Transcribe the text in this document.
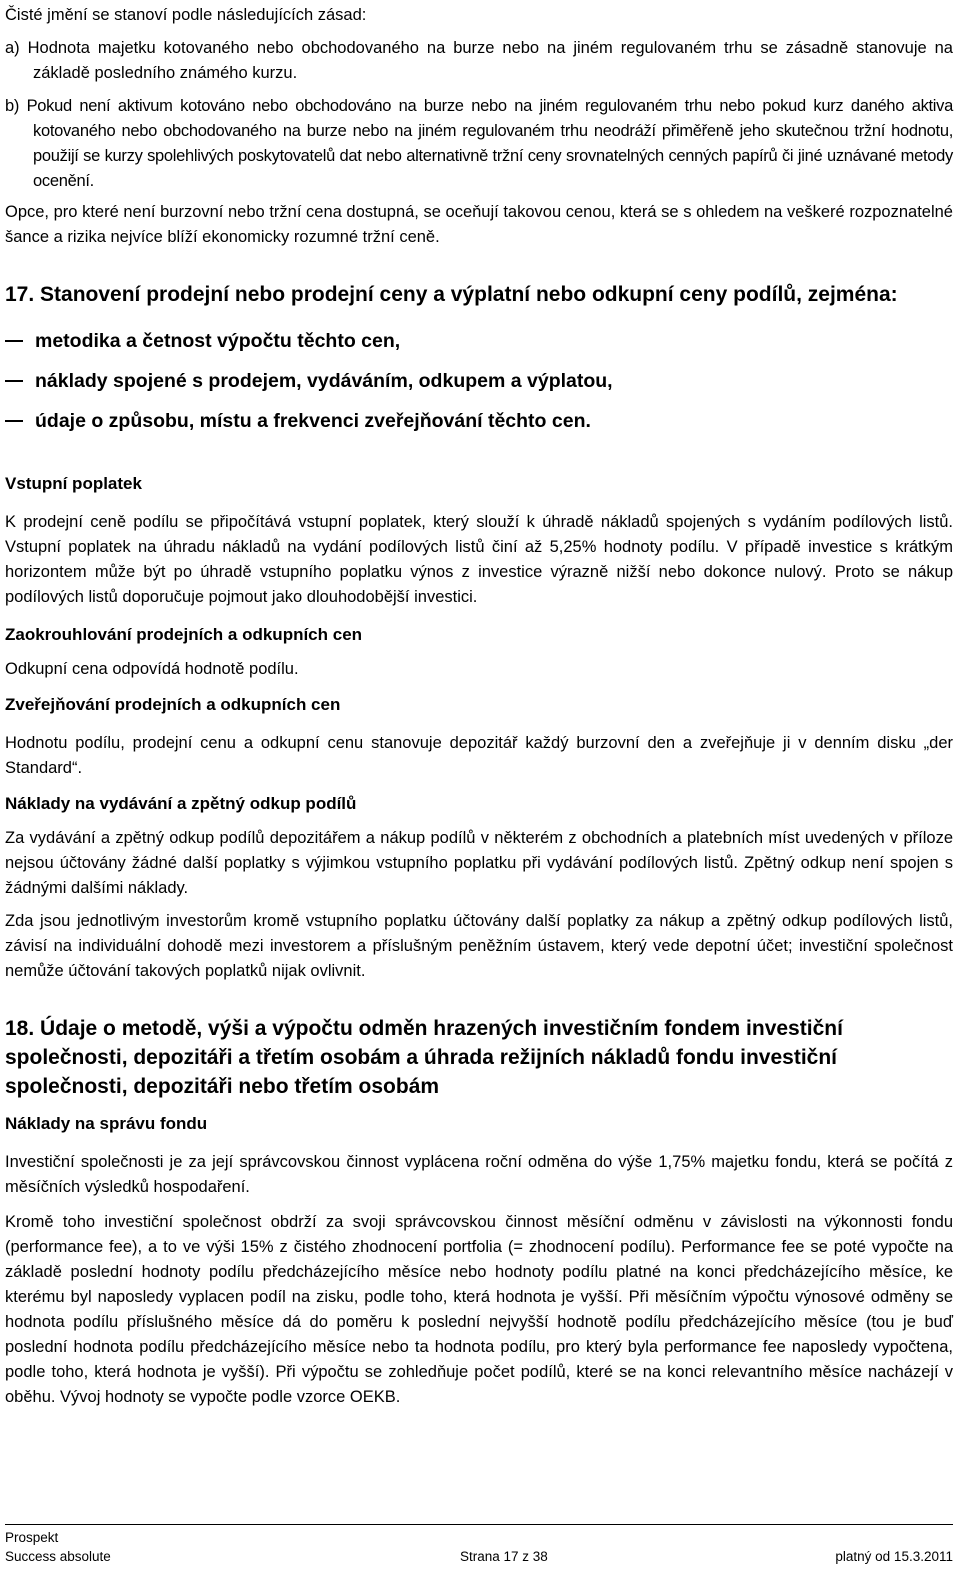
Čisté jmění se stanoví podle následujících zásad:

a) Hodnota majetku kotovaného nebo obchodovaného na burze nebo na jiném regulovaném trhu se zásadně stanovuje na základě posledního známého kurzu.

b) Pokud není aktivum kotováno nebo obchodováno na burze nebo na jiném regulovaném trhu nebo pokud kurz daného aktiva kotovaného nebo obchodovaného na burze nebo na jiném regulovaném trhu neodráží přiměřeně jeho skutečnou tržní hodnotu, použijí se kurzy spolehlivých poskytovatelů dat nebo alternativně tržní ceny srovnatelných cenných papírů či jiné uznávané metody ocenění.

Opce, pro které není burzovní nebo tržní cena dostupná, se oceňují takovou cenou, která se s ohledem na veškeré rozpoznatelné šance a rizika nejvíce blíží ekonomicky rozumné tržní ceně.

17. Stanovení prodejní nebo prodejní ceny a výplatní nebo odkupní ceny podílů, zejména:

metodika a četnost výpočtu těchto cen,
náklady spojené s prodejem, vydáváním, odkupem a výplatou,
údaje o způsobu, místu a frekvenci zveřejňování těchto cen.

Vstupní poplatek

K prodejní ceně podílu se připočítává vstupní poplatek, který slouží k úhradě nákladů spojených s vydáním podílových listů. Vstupní poplatek na úhradu nákladů na vydání podílových listů činí až 5,25% hodnoty podílu. V případě investice s krátkým horizontem může být po úhradě vstupního poplatku výnos z investice výrazně nižší nebo dokonce nulový. Proto se nákup podílových listů doporučuje pojmout jako dlouhodobější investici.

Zaokrouhlování prodejních a odkupních cen

Odkupní cena odpovídá hodnotě podílu.

Zveřejňování prodejních a odkupních cen

Hodnotu podílu, prodejní cenu a odkupní cenu stanovuje depozitář každý burzovní den a zveřejňuje ji v denním disku „der Standard“.

Náklady na vydávání a zpětný odkup podílů

Za vydávání a zpětný odkup podílů depozitářem a nákup podílů v některém z obchodních a platebních míst uvedených v příloze nejsou účtovány žádné další poplatky s výjimkou vstupního poplatku při vydávání podílových listů. Zpětný odkup není spojen s žádnými dalšími náklady.

Zda jsou jednotlivým investorům kromě vstupního poplatku účtovány další poplatky za nákup a zpětný odkup podílových listů, závisí na individuální dohodě mezi investorem a příslušným peněžním ústavem, který vede depotní účet; investiční společnost nemůže účtování takových poplatků nijak ovlivnit.

18. Údaje o metodě, výši a výpočtu odměn hrazených investičním fondem investiční společnosti, depozitáři a třetím osobám a úhrada režijních nákladů fondu investiční společnosti, depozitáři nebo třetím osobám

Náklady na správu fondu

Investiční společnosti je za její správcovskou činnost vyplácena roční odměna do výše 1,75% majetku fondu, která se počítá z měsíčních výsledků hospodaření.

Kromě toho investiční společnost obdrží za svoji správcovskou činnost měsíční odměnu v závislosti na výkonnosti fondu (performance fee), a to ve výši 15% z čistého zhodnocení portfolia (= zhodnocení podílu). Performance fee se poté vypočte na základě poslední hodnoty podílu předcházejícího měsíce nebo hodnoty podílu platné na konci předcházejícího měsíce, ke kterému byl naposledy vyplacen podíl na zisku, podle toho, která hodnota je vyšší. Při měsíčním výpočtu výnosové odměny se hodnota podílu příslušného měsíce dá do poměru k poslední nejvyšší hodnotě podílu předcházejícího měsíce (tou je buď poslední hodnota podílu předcházejícího měsíce nebo ta hodnota podílu, pro který byla performance fee naposledy vypočtena, podle toho, která hodnota je vyšší). Při výpočtu se zohledňuje počet podílů, které se na konci relevantního měsíce nacházejí v oběhu. Vývoj hodnoty se vypočte podle vzorce OEKB.

Prospekt
Success absolute	Strana 17 z 38	platný od 15.3.2011
